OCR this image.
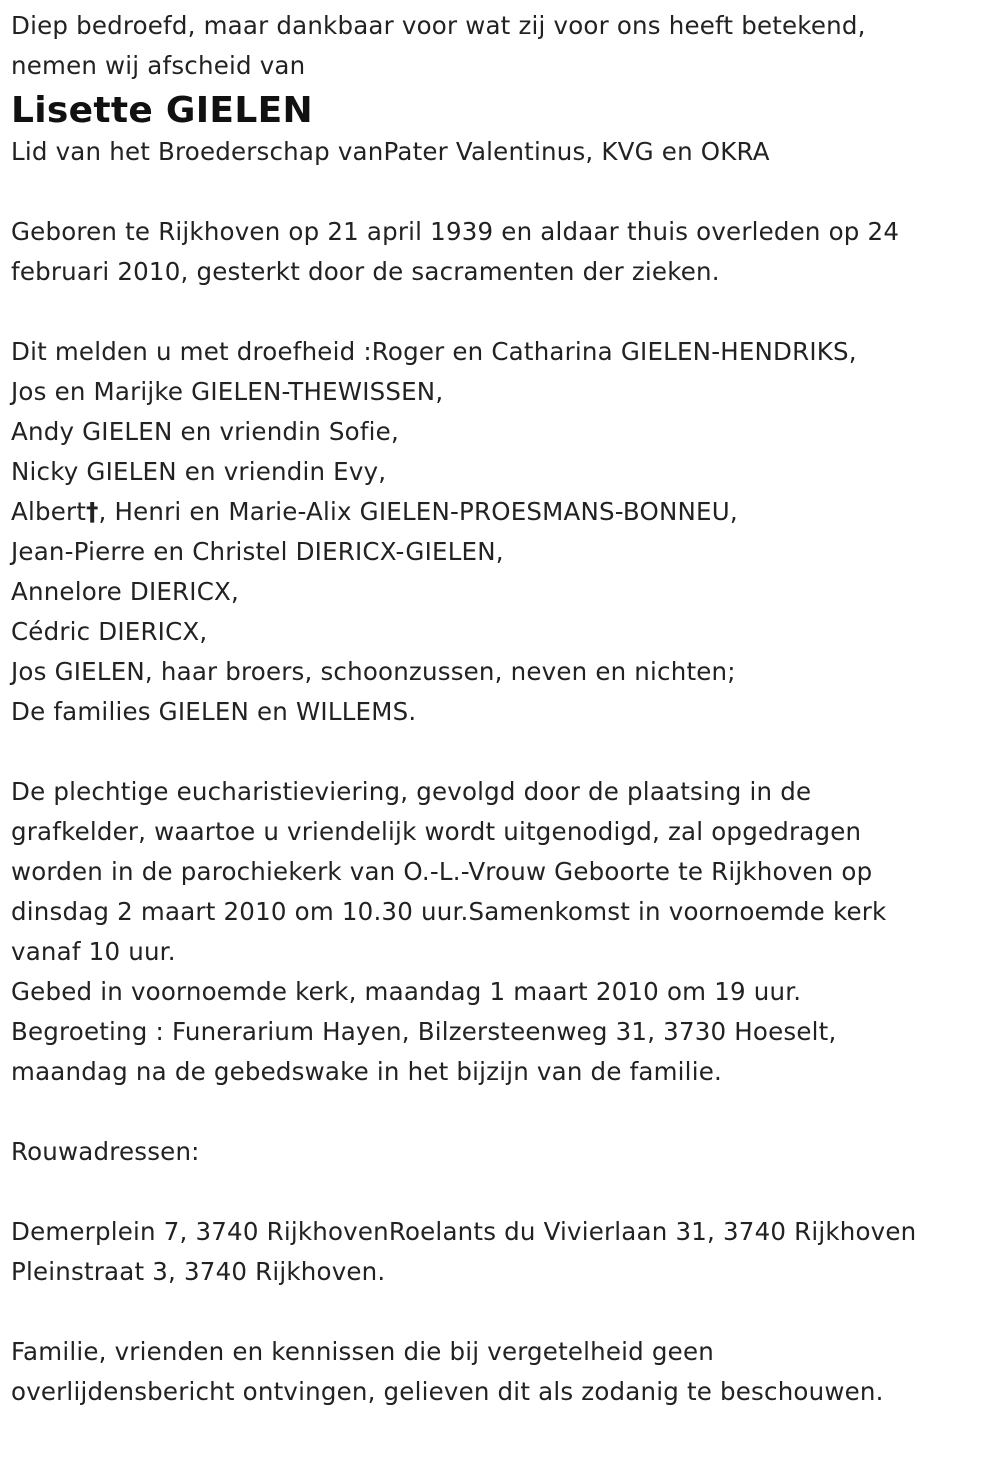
Diep bedroefd, maar dankbaar voor wat zij voor ons heeft betekend,
nemen wij afscheid van
Lisette GIELEN
Lid van het Broederschap vanPater Valentinus, KVG en OKRA
Geboren te Rijkhoven op 21 april 1939 en aldaar thuis overleden op 24
februari 2010, gesterkt door de sacramenten der zieken.
Dit melden u met droefheid :Roger en Catharina GIELEN-HENDRIKS,
Jos en Marijke GIELEN-THEWISSEN,
Andy GIELEN en vriendin Sofie,
Nicky GIELEN en vriendin Evy,
Albert†, Henri en Marie-Alix GIELEN-PROESMANS-BONNEU,
Jean-Pierre en Christel DIERICX-GIELEN,
Annelore DIERICX,
Cédric DIERICX,
Jos GIELEN, haar broers, schoonzussen, neven en nichten;
De families GIELEN en WILLEMS.
De plechtige eucharistieviering, gevolgd door de plaatsing in de
grafkelder, waartoe u vriendelijk wordt uitgenodigd, zal opgedragen
worden in de parochiekerk van O.-L.-Vrouw Geboorte te Rijkhoven op
dinsdag 2 maart 2010 om 10.30 uur.Samenkomst in voornoemde kerk
vanaf 10 uur.
Gebed in voornoemde kerk, maandag 1 maart 2010 om 19 uur.
Begroeting : Funerarium Hayen, Bilzersteenweg 31, 3730 Hoeselt,
maandag na de gebedswake in het bijzijn van de familie.
Rouwadressen:
Demerplein 7, 3740 RijkhovenRoelants du Vivierlaan 31, 3740 Rijkhoven
Pleinstraat 3, 3740 Rijkhoven.
Familie, vrienden en kennissen die bij vergetelheid geen
overlijdensbericht ontvingen, gelieven dit als zodanig te beschouwen.
